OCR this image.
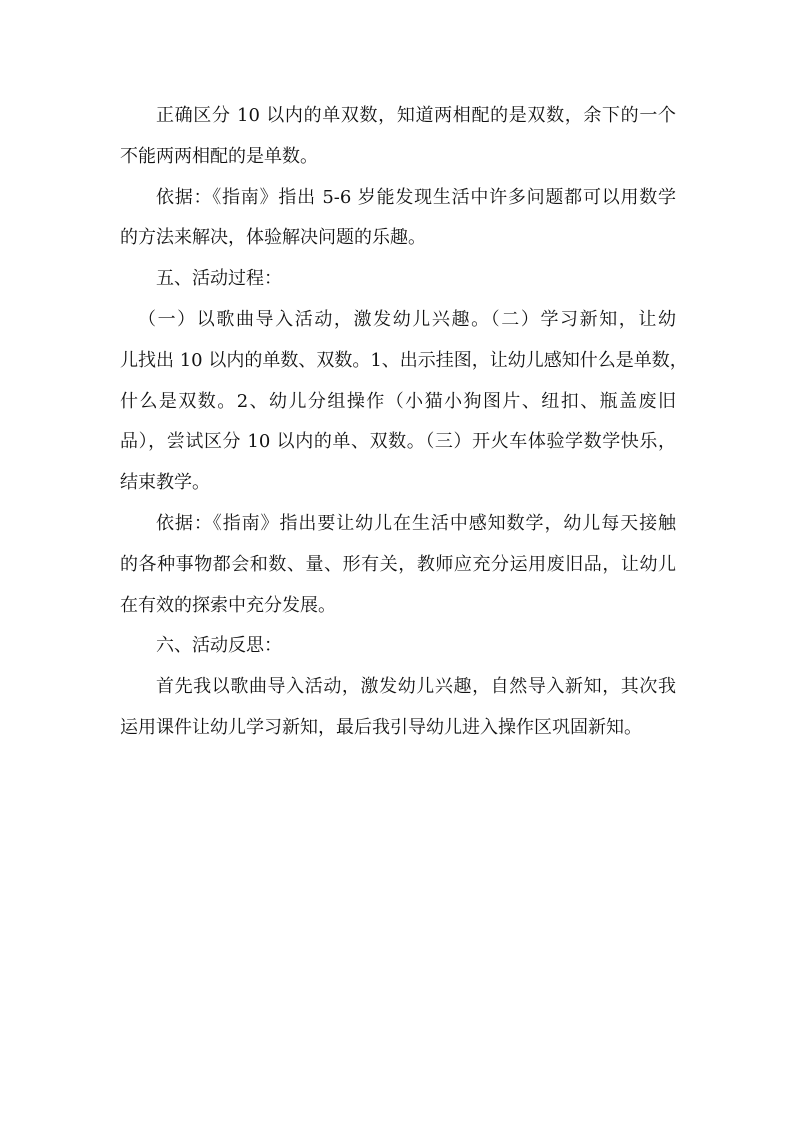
正确区分 10 以内的单双数，知道两相配的是双数，余下的一个
不能两两相配的是单数。

依据：《指南》指出 5-6 岁能发现生活中许多问题都可以用数学
的方法来解决，体验解决问题的乐趣。

五、活动过程：

（一）以歌曲导入活动，激发幼儿兴趣。（二）学习新知，让幼
儿找出 10 以内的单数、双数。1、出示挂图，让幼儿感知什么是单数，
什么是双数。2、幼儿分组操作（小猫小狗图片、纽扣、瓶盖废旧
品），尝试区分 10 以内的单、双数。（三）开火车体验学数学快乐，
结束教学。

依据：《指南》指出要让幼儿在生活中感知数学，幼儿每天接触
的各种事物都会和数、量、形有关，教师应充分运用废旧品，让幼儿
在有效的探索中充分发展。

六、活动反思：

首先我以歌曲导入活动，激发幼儿兴趣，自然导入新知，其次我
运用课件让幼儿学习新知，最后我引导幼儿进入操作区巩固新知。
